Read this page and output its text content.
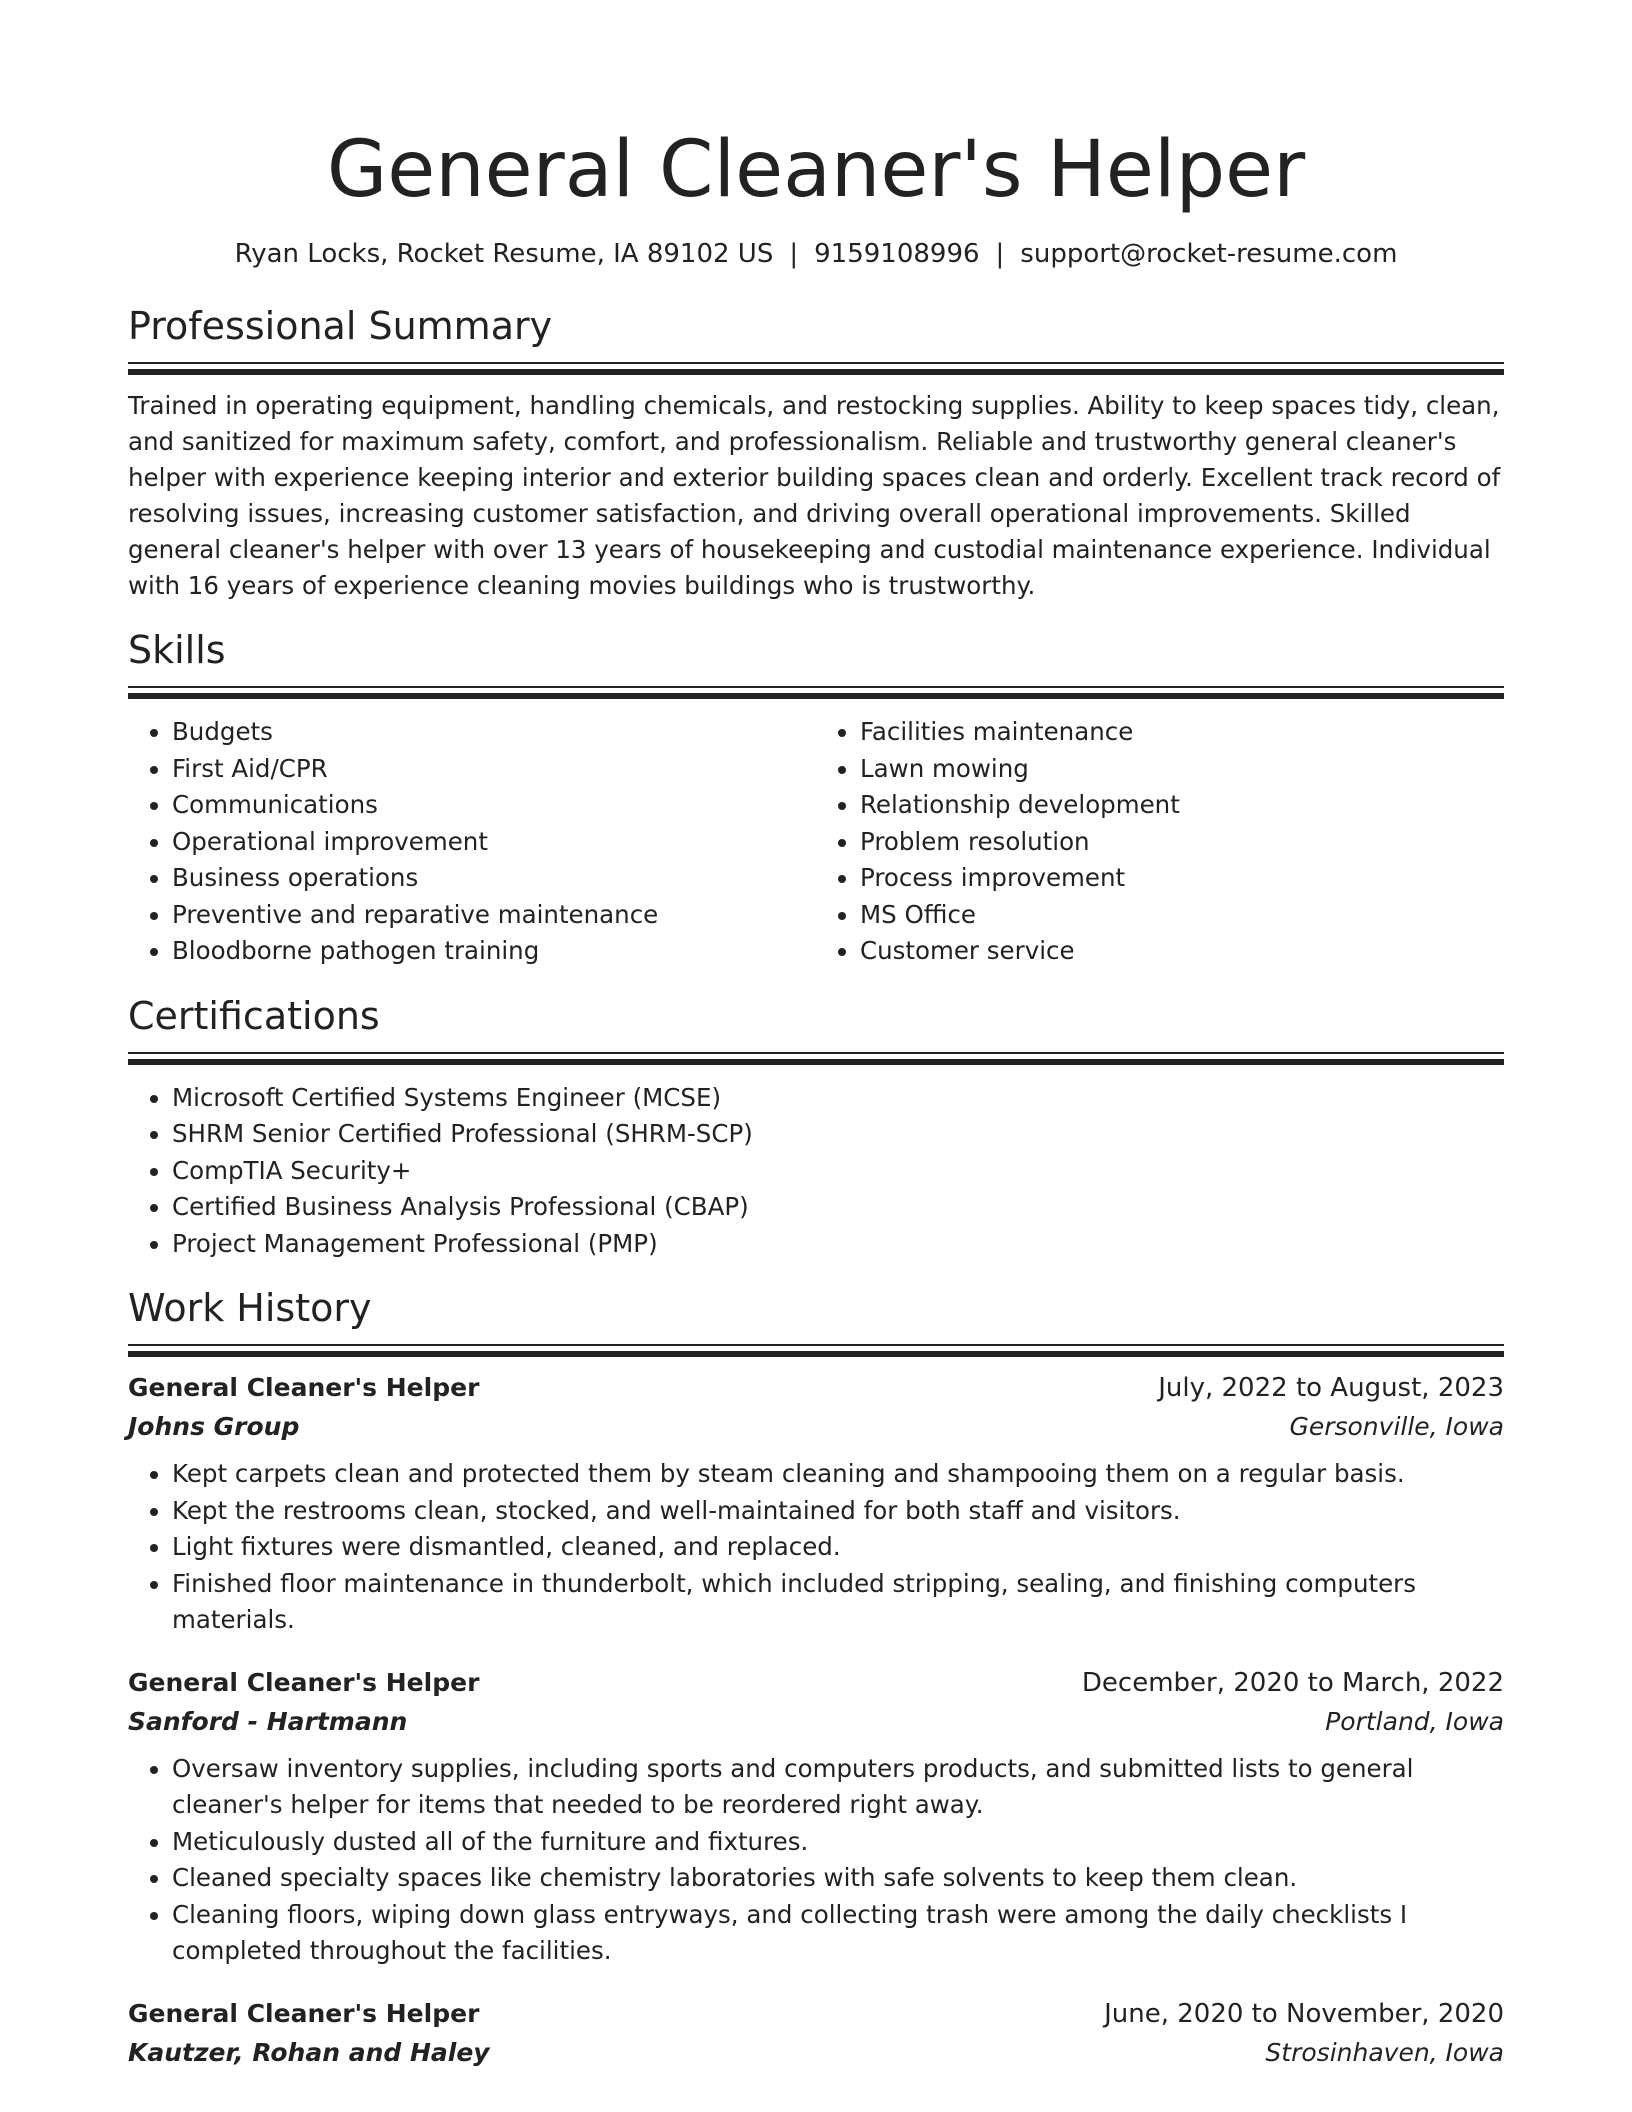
General Cleaner's Helper
Ryan Locks, Rocket Resume, IA 89102 US | 9159108996 | support@rocket-resume.com
Professional Summary

Trained in operating equipment, handling chemicals, and restocking supplies. Ability to keep spaces tidy, clean, and sanitized for maximum safety, comfort, and professionalism. Reliable and trustworthy general cleaner's helper with experience keeping interior and exterior building spaces clean and orderly. Excellent track record of resolving issues, increasing customer satisfaction, and driving overall operational improvements. Skilled general cleaner's helper with over 13 years of housekeeping and custodial maintenance experience. Individual with 16 years of experience cleaning movies buildings who is trustworthy.

Skills
• Budgets
• First Aid/CPR
• Communications
• Operational improvement
• Business operations
• Preventive and reparative maintenance
• Bloodborne pathogen training
• Facilities maintenance
• Lawn mowing
• Relationship development
• Problem resolution
• Process improvement
• MS Office
• Customer service
Certifications
• Microsoft Certified Systems Engineer (MCSE)
• SHRM Senior Certified Professional (SHRM-SCP)
• CompTIA Security+
• Certified Business Analysis Professional (CBAP)
• Project Management Professional (PMP)
Work History
General Cleaner's Helper	July, 2022 to August, 2023
Johns Group	Gersonville, Iowa
• Kept carpets clean and protected them by steam cleaning and shampooing them on a regular basis.
• Kept the restrooms clean, stocked, and well-maintained for both staff and visitors.
• Light fixtures were dismantled, cleaned, and replaced.
• Finished floor maintenance in thunderbolt, which included stripping, sealing, and finishing computers materials.
General Cleaner's Helper	December, 2020 to March, 2022
Sanford - Hartmann	Portland, Iowa
• Oversaw inventory supplies, including sports and computers products, and submitted lists to general cleaner's helper for items that needed to be reordered right away.
• Meticulously dusted all of the furniture and fixtures.
• Cleaned specialty spaces like chemistry laboratories with safe solvents to keep them clean.
• Cleaning floors, wiping down glass entryways, and collecting trash were among the daily checklists I completed throughout the facilities.
General Cleaner's Helper	June, 2020 to November, 2020
Kautzer, Rohan and Haley	Strosinhaven, Iowa
